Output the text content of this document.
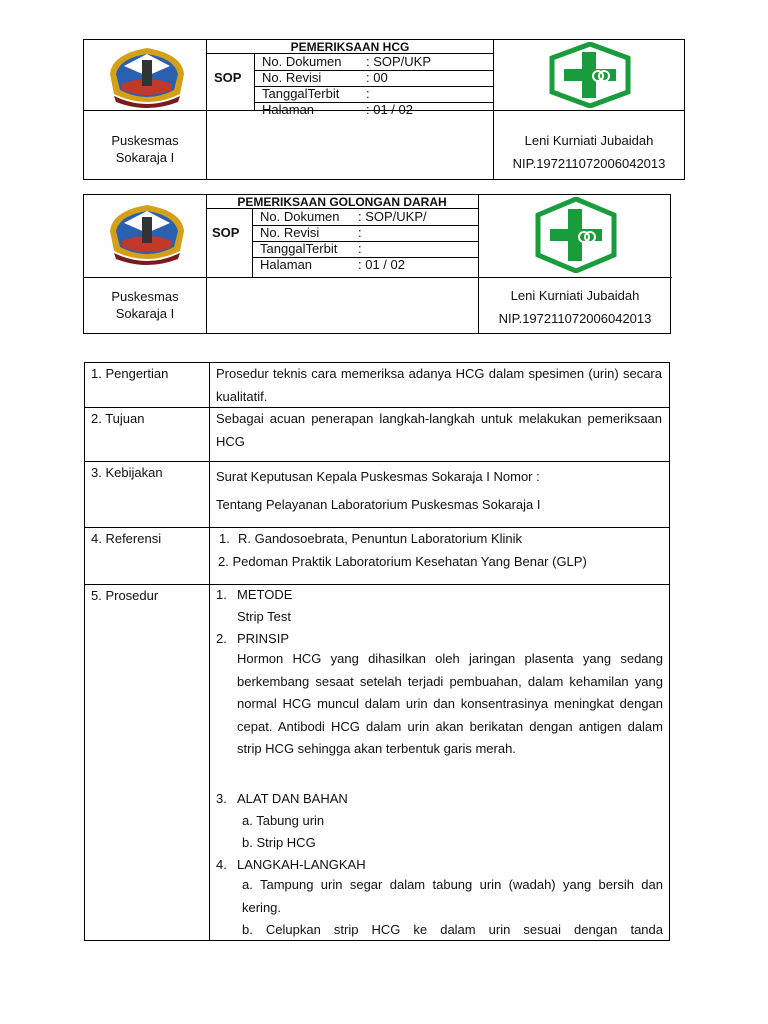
PEMERIKSAAN HCG
SOP
No. Dokumen : SOP/UKP
No. Revisi	: 00
TanggalTerbit :
Halaman	: 01 / 02
Puskesmas
Sokaraja I
Leni Kurniati Jubaidah
NIP.197211072006042013
PEMERIKSAAN GOLONGAN DARAH
SOP
No. Dokumen : SOP/UKP/
No. Revisi	:
TanggalTerbit :
Halaman	: 01 / 02
Puskesmas
Sokaraja I
Leni Kurniati Jubaidah
NIP.197211072006042013
1. Pengertian	Prosedur teknis cara memeriksa adanya HCG dalam spesimen (urin) secara kualitatif.
2. Tujuan	Sebagai acuan penerapan langkah-langkah untuk melakukan pemeriksaan HCG
3. Kebijakan	Surat Keputusan Kepala Puskesmas Sokaraja I Nomor :
Tentang Pelayanan Laboratorium Puskesmas Sokaraja I
4. Referensi	1. R. Gandosoebrata, Penuntun Laboratorium Klinik
2. Pedoman Praktik Laboratorium Kesehatan Yang Benar (GLP)
5. Prosedur	1. METODE
Strip Test
2. PRINSIP
Hormon HCG yang dihasilkan oleh jaringan plasenta yang sedang berkembang sesaat setelah terjadi pembuahan, dalam kehamilan yang normal HCG muncul dalam urin dan konsentrasinya meningkat dengan cepat. Antibodi HCG dalam urin akan berikatan dengan antigen dalam strip HCG sehingga akan terbentuk garis merah.
3. ALAT DAN BAHAN
a. Tabung urin
b. Strip HCG
4. LANGKAH-LANGKAH
a. Tampung urin segar dalam tabung urin (wadah) yang bersih dan kering.
b. Celupkan strip HCG ke dalam urin sesuai dengan tanda
